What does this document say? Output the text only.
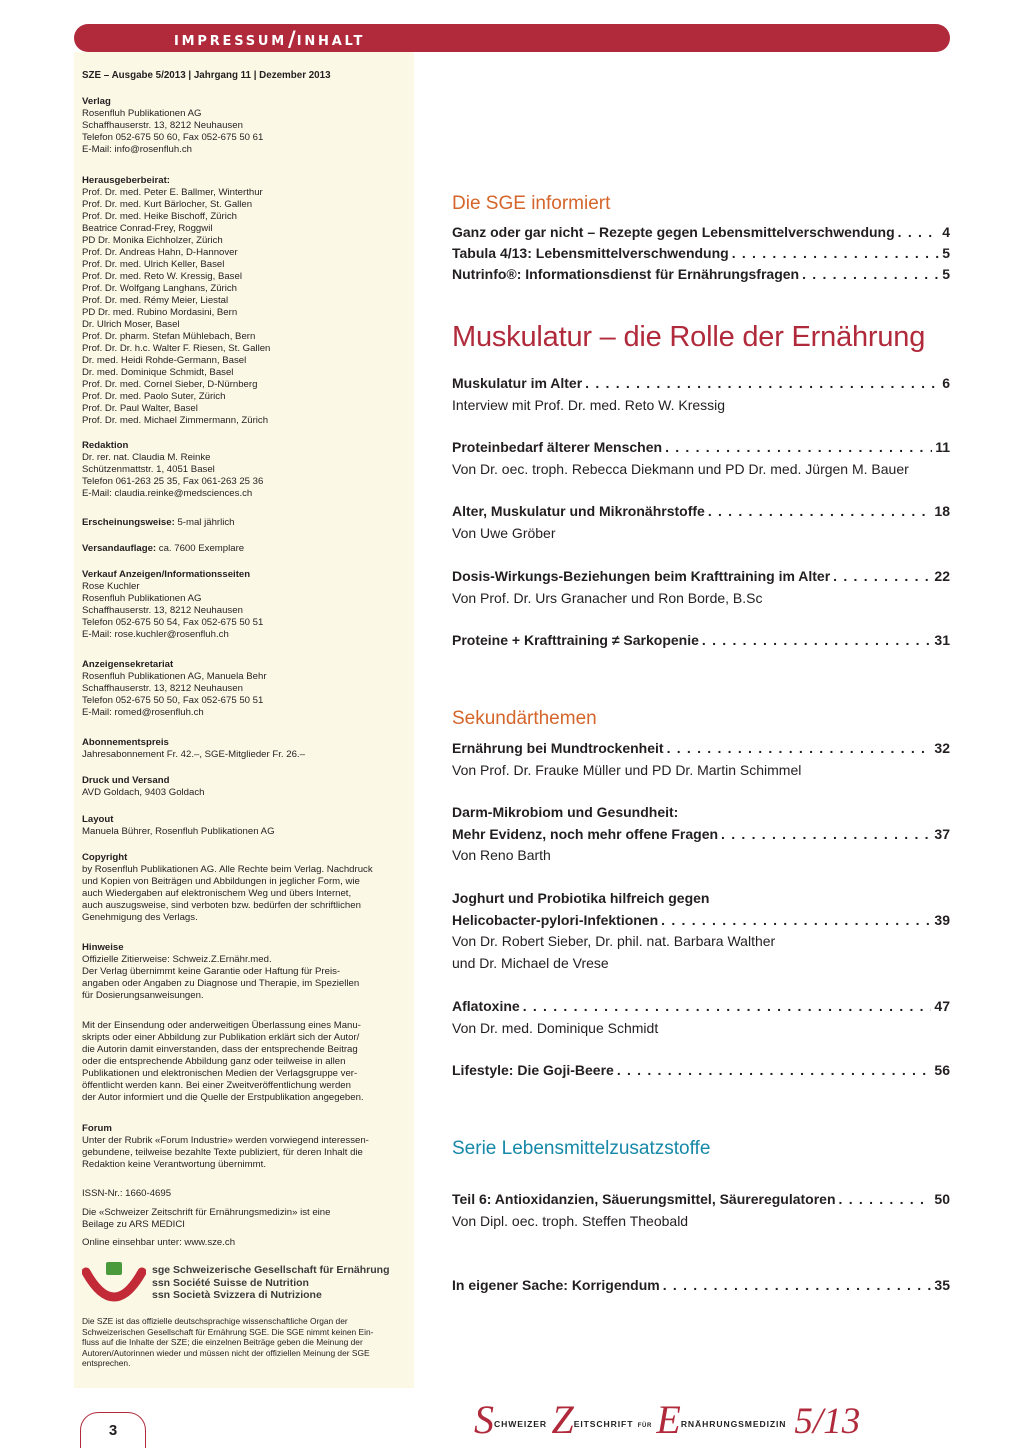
IMPRESSUM/INHALT
SZE – Ausgabe 5/2013 | Jahrgang 11 | Dezember 2013
Verlag
Rosenfluh Publikationen AG
Schaffhauserstr. 13, 8212 Neuhausen
Telefon 052-675 50 60, Fax 052-675 50 61
E-Mail: info@rosenfluh.ch
Herausgeberbeirat:
Prof. Dr. med. Peter E. Ballmer, Winterthur
Prof. Dr. med. Kurt Bärlocher, St. Gallen
Prof. Dr. med. Heike Bischoff, Zürich
Beatrice Conrad-Frey, Roggwil
PD Dr. Monika Eichholzer, Zürich
Prof. Dr. Andreas Hahn, D-Hannover
Prof. Dr. med. Ulrich Keller, Basel
Prof. Dr. med. Reto W. Kressig, Basel
Prof. Dr. Wolfgang Langhans, Zürich
Prof. Dr. med. Rémy Meier, Liestal
PD Dr. med. Rubino Mordasini, Bern
Dr. Ulrich Moser, Basel
Prof. Dr. pharm. Stefan Mühlebach, Bern
Prof. Dr. Dr. h.c. Walter F. Riesen, St. Gallen
Dr. med. Heidi Rohde-Germann, Basel
Dr. med. Dominique Schmidt, Basel
Prof. Dr. med. Cornel Sieber, D-Nürnberg
Prof. Dr. med. Paolo Suter, Zürich
Prof. Dr. Paul Walter, Basel
Prof. Dr. med. Michael Zimmermann, Zürich
Redaktion
Dr. rer. nat. Claudia M. Reinke
Schützenmattstr. 1, 4051 Basel
Telefon 061-263 25 35, Fax 061-263 25 36
E-Mail: claudia.reinke@medsciences.ch
Erscheinungsweise: 5-mal jährlich
Versandauflage: ca. 7600 Exemplare
Verkauf Anzeigen/Informationsseiten
Rose Kuchler
Rosenfluh Publikationen AG
Schaffhauserstr. 13, 8212 Neuhausen
Telefon 052-675 50 54, Fax 052-675 50 51
E-Mail: rose.kuchler@rosenfluh.ch
Anzeigensekretariat
Rosenfluh Publikationen AG, Manuela Behr
Schaffhauserstr. 13, 8212 Neuhausen
Telefon 052-675 50 50, Fax 052-675 50 51
E-Mail: romed@rosenfluh.ch
Abonnementspreis
Jahresabonnement Fr. 42.–, SGE-Mitglieder Fr. 26.–
Druck und Versand
AVD Goldach, 9403 Goldach
Layout
Manuela Bührer, Rosenfluh Publikationen AG
Copyright
by Rosenfluh Publikationen AG. Alle Rechte beim Verlag. Nachdruck
und Kopien von Beiträgen und Abbildungen in jeglicher Form, wie
auch Wiedergaben auf elektronischem Weg und übers Internet,
auch auszugsweise, sind verboten bzw. bedürfen der schriftlichen
Genehmigung des Verlags.
Hinweise
Offizielle Zitierweise: Schweiz.Z.Ernähr.med.
Der Verlag übernimmt keine Garantie oder Haftung für Preis-
angaben oder Angaben zu Diagnose und Therapie, im Speziellen
für Dosierungsanweisungen.
Mit der Einsendung oder anderweitigen Überlassung eines Manu-
skripts oder einer Abbildung zur Publikation erklärt sich der Autor/
die Autorin damit einverstanden, dass der entsprechende Beitrag
oder die entsprechende Abbildung ganz oder teilweise in allen
Publikationen und elektronischen Medien der Verlagsgruppe ver-
öffentlicht werden kann. Bei einer Zweitveröffentlichung werden
der Autor informiert und die Quelle der Erstpublikation angegeben.
Forum
Unter der Rubrik «Forum Industrie» werden vorwiegend interessen-
gebundene, teilweise bezahlte Texte publiziert, für deren Inhalt die
Redaktion keine Verantwortung übernimmt.
ISSN-Nr.: 1660-4695
Die «Schweizer Zeitschrift für Ernährungsmedizin» ist eine
Beilage zu ARS MEDICI
Online einsehbar unter: www.sze.ch
sge Schweizerische Gesellschaft für Ernährung
ssn Société Suisse de Nutrition
ssn Società Svizzera di Nutrizione
Die SZE ist das offizielle deutschsprachige wissenschaftliche Organ der
Schweizerischen Gesellschaft für Ernährung SGE. Die SGE nimmt keinen Ein-
fluss auf die Inhalte der SZE; die einzelnen Beiträge geben die Meinung der
Autoren/Autorinnen wieder und müssen nicht der offiziellen Meinung der SGE
entsprechen.
Die SGE informiert
Ganz oder gar nicht – Rezepte gegen Lebensmittelverschwendung . . .	4
Tabula 4/13: Lebensmittelverschwendung . . .	5
Nutrinfo®: Informationsdienst für Ernährungsfragen . . .	5
Muskulatur – die Rolle der Ernährung
Muskulatur im Alter . . .	6
Interview mit Prof. Dr. med. Reto W. Kressig
Proteinbedarf älterer Menschen . . .	11
Von Dr. oec. troph. Rebecca Diekmann und PD Dr. med. Jürgen M. Bauer
Alter, Muskulatur und Mikronährstoffe . . .	18
Von Uwe Gröber
Dosis-Wirkungs-Beziehungen beim Krafttraining im Alter . . .	22
Von Prof. Dr. Urs Granacher und Ron Borde, B.Sc
Proteine + Krafttraining ≠ Sarkopenie . . .	31
Sekundärthemen
Ernährung bei Mundtrockenheit . . .	32
Von Prof. Dr. Frauke Müller und PD Dr. Martin Schimmel
Darm-Mikrobiom und Gesundheit:
Mehr Evidenz, noch mehr offene Fragen . . .	37
Von Reno Barth
Joghurt und Probiotika hilfreich gegen
Helicobacter-pylori-Infektionen . . .	39
Von Dr. Robert Sieber, Dr. phil. nat. Barbara Walther
und Dr. Michael de Vrese
Aflatoxine . . .	47
Von Dr. med. Dominique Schmidt
Lifestyle: Die Goji-Beere . . .	56
Serie Lebensmittelzusatzstoffe
Teil 6: Antioxidanzien, Säuerungsmittel, Säureregulatoren . . .	50
Von Dipl. oec. troph. Steffen Theobald
In eigener Sache: Korrigendum . . .	35
3	$S^{CHWEIZER}$ $Z^{EITSCHRIFT}$ $^{FÜR}$ $E^{RNÄHRUNGSMEDIZIN}$ 5/13
